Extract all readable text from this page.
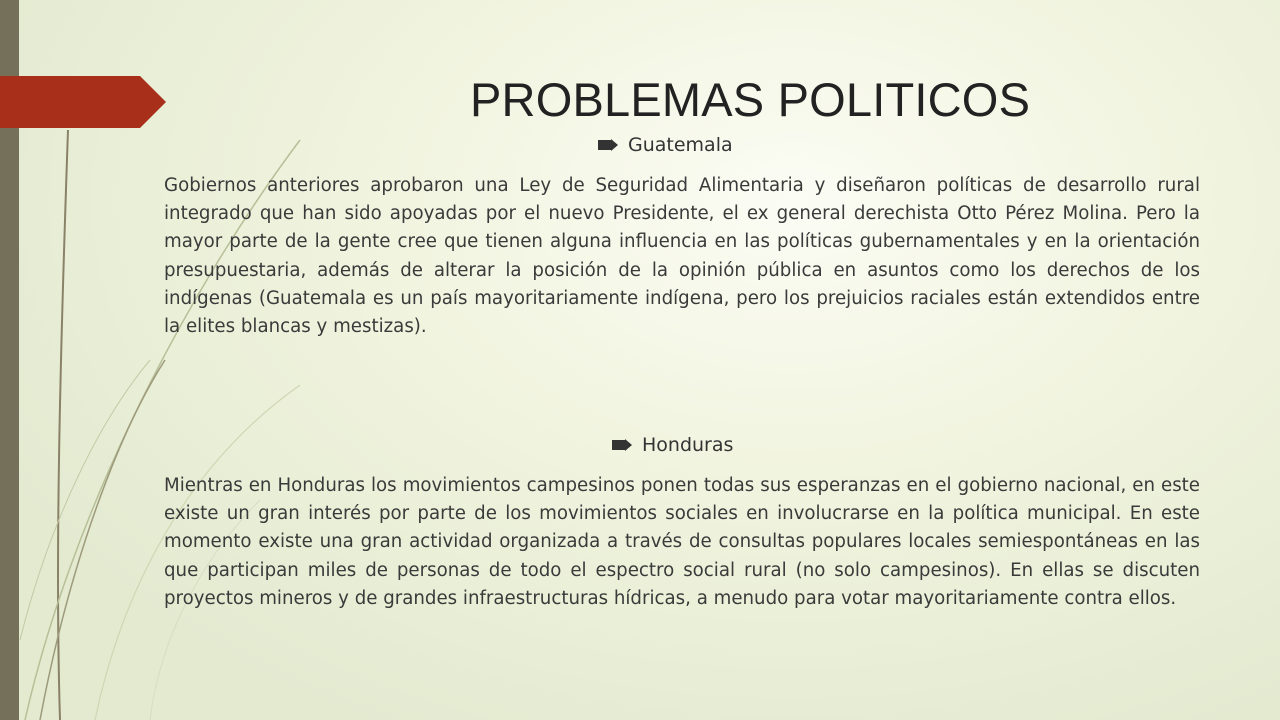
PROBLEMAS POLITICOS
Guatemala

Gobiernos anteriores aprobaron una Ley de Seguridad Alimentaria y diseñaron políticas de desarrollo rural integrado que han sido apoyadas por el nuevo Presidente, el ex general derechista Otto Pérez Molina. Pero la mayor parte de la gente cree que tienen alguna influencia en las políticas gubernamentales y en la orientación presupuestaria, además de alterar la posición de la opinión pública en asuntos como los derechos de los indígenas (Guatemala es un país mayoritariamente indígena, pero los prejuicios raciales están extendidos entre la elites blancas y mestizas).

Honduras

Mientras en Honduras los movimientos campesinos ponen todas sus esperanzas en el gobierno nacional, en este existe un gran interés por parte de los movimientos sociales en involucrarse en la política municipal. En este momento existe una gran actividad organizada a través de consultas populares locales semiespontáneas en las que participan miles de personas de todo el espectro social rural (no solo campesinos). En ellas se discuten proyectos mineros y de grandes infraestructuras hídricas, a menudo para votar mayoritariamente contra ellos.
